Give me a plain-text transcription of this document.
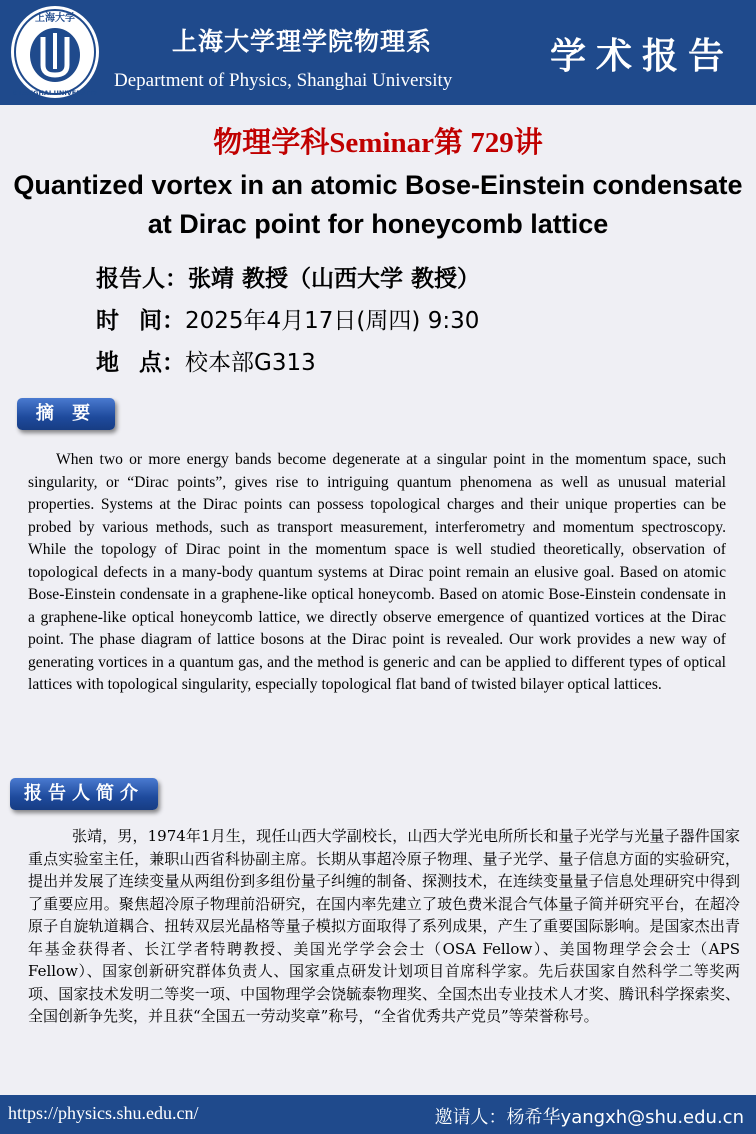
上海大学
SHANGHAI UNIVERSITY
上海大学理学院物理系
Department of Physics, Shanghai University
学术报告
物理学科Seminar第 729讲
Quantized vortex in an atomic Bose-Einstein condensate at Dirac point for honeycomb lattice
报告人：张靖 教授（山西大学 教授）
时间：2025年4月17日(周四) 9:30
地点：校本部G313
摘 要

When two or more energy bands become degenerate at a singular point in the momentum space, such singularity, or “Dirac points”, gives rise to intriguing quantum phenomena as well as unusual material properties. Systems at the Dirac points can possess topological charges and their unique properties can be probed by various methods, such as transport measurement, interferometry and momentum spectroscopy. While the topology of Dirac point in the momentum space is well studied theoretically, observation of topological defects in a many-body quantum systems at Dirac point remain an elusive goal. Based on atomic Bose-Einstein condensate in a graphene-like optical honeycomb. Based on atomic Bose-Einstein condensate in a graphene-like optical honeycomb lattice, we directly observe emergence of quantized vortices at the Dirac point. The phase diagram of lattice bosons at the Dirac point is revealed. Our work provides a new way of generating vortices in a quantum gas, and the method is generic and can be applied to different types of optical lattices with topological singularity, especially topological flat band of twisted bilayer optical lattices.

报告人简介

张靖，男，1974年1月生，现任山西大学副校长，山西大学光电所所长和量子光学与光量子器件国家重点实验室主任，兼职山西省科协副主席。长期从事超冷原子物理、量子光学、量子信息方面的实验研究，提出并发展了连续变量从两组份到多组份量子纠缠的制备、探测技术，在连续变量量子信息处理研究中得到了重要应用。聚焦超冷原子物理前沿研究，在国内率先建立了玻色费米混合气体量子简并研究平台，在超冷原子自旋轨道耦合、扭转双层光晶格等量子模拟方面取得了系列成果，产生了重要国际影响。是国家杰出青年基金获得者、长江学者特聘教授、美国光学学会会士（OSA Fellow）、美国物理学会会士（APS Fellow）、国家创新研究群体负责人、国家重点研发计划项目首席科学家。先后获国家自然科学二等奖两项、国家技术发明二等奖一项、中国物理学会饶毓泰物理奖、全国杰出专业技术人才奖、腾讯科学探索奖、全国创新争先奖，并且获“全国五一劳动奖章”称号，“全省优秀共产党员”等荣誉称号。

https://physics.shu.edu.cn/	邀请人：杨希华yangxh@shu.edu.cn
